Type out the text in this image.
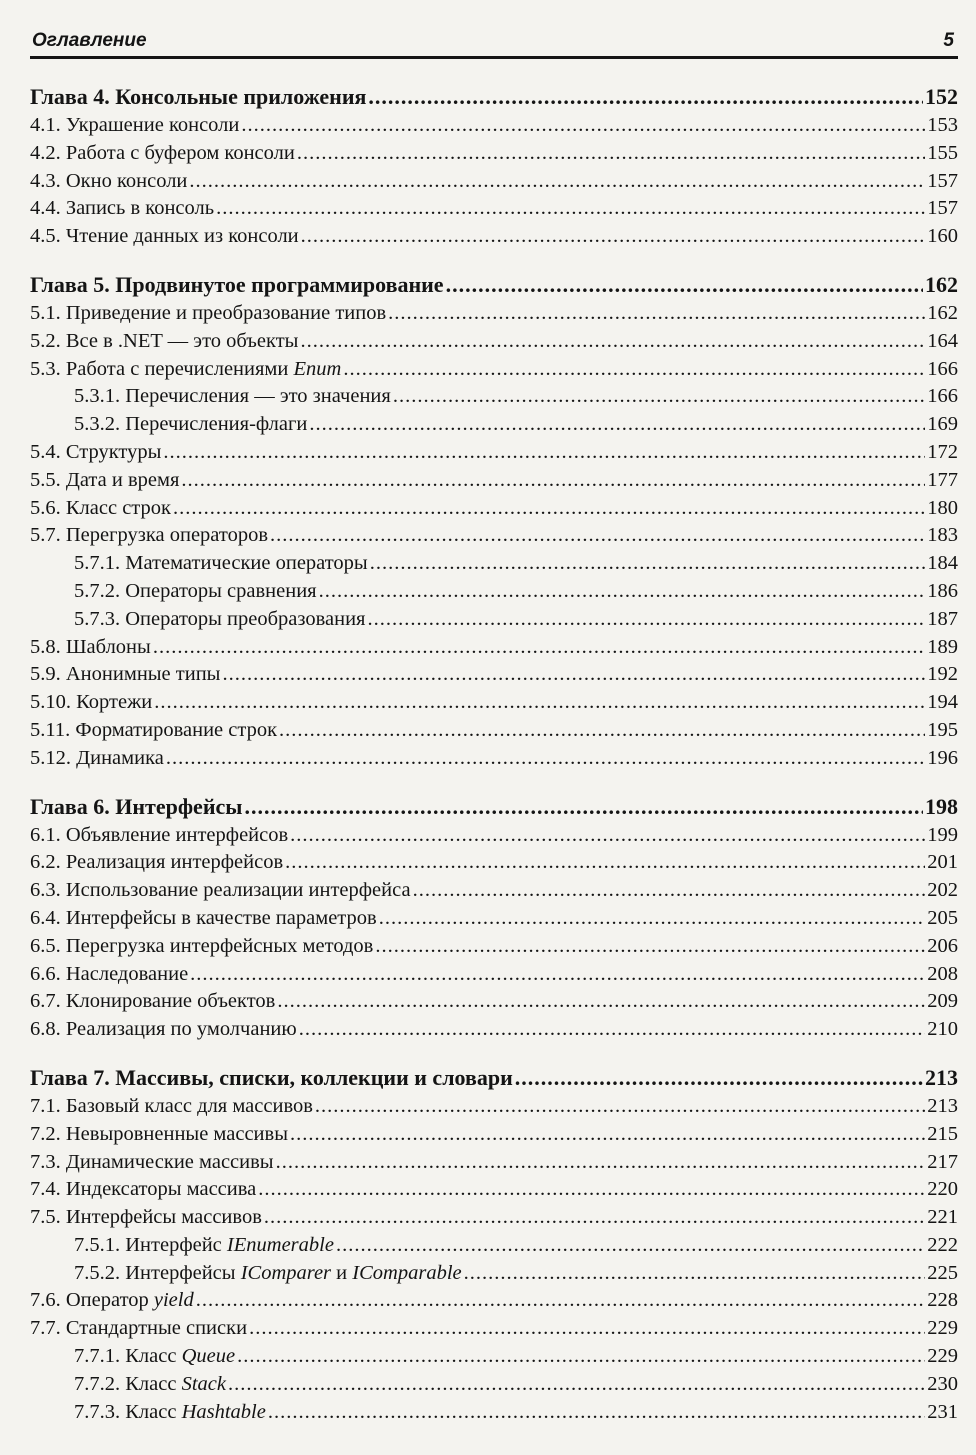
Оглавление	5
Глава 4. Консольные приложения .....	152
4.1. Украшение консоли .....	153
4.2. Работа с буфером консоли .....	155
4.3. Окно консоли .....	157
4.4. Запись в консоль .....	157
4.5. Чтение данных из консоли .....	160
Глава 5. Продвинутое программирование .....	162
5.1. Приведение и преобразование типов .....	162
5.2. Все в .NET — это объекты .....	164
5.3. Работа с перечислениями Enum .....	166
5.3.1. Перечисления — это значения .....	166
5.3.2. Перечисления-флаги .....	169
5.4. Структуры .....	172
5.5. Дата и время .....	177
5.6. Класс строк .....	180
5.7. Перегрузка операторов .....	183
5.7.1. Математические операторы .....	184
5.7.2. Операторы сравнения .....	186
5.7.3. Операторы преобразования .....	187
5.8. Шаблоны .....	189
5.9. Анонимные типы .....	192
5.10. Кортежи .....	194
5.11. Форматирование строк .....	195
5.12. Динамика .....	196
Глава 6. Интерфейсы .....	198
6.1. Объявление интерфейсов .....	199
6.2. Реализация интерфейсов .....	201
6.3. Использование реализации интерфейса .....	202
6.4. Интерфейсы в качестве параметров .....	205
6.5. Перегрузка интерфейсных методов .....	206
6.6. Наследование .....	208
6.7. Клонирование объектов .....	209
6.8. Реализация по умолчанию .....	210
Глава 7. Массивы, списки, коллекции и словари .....	213
7.1. Базовый класс для массивов .....	213
7.2. Невыровненные массивы .....	215
7.3. Динамические массивы .....	217
7.4. Индексаторы массива .....	220
7.5. Интерфейсы массивов .....	221
7.5.1. Интерфейс IEnumerable .....	222
7.5.2. Интерфейсы IComparer и IComparable .....	225
7.6. Оператор yield .....	228
7.7. Стандартные списки .....	229
7.7.1. Класс Queue .....	229
7.7.2. Класс Stack .....	230
7.7.3. Класс Hashtable .....	231
